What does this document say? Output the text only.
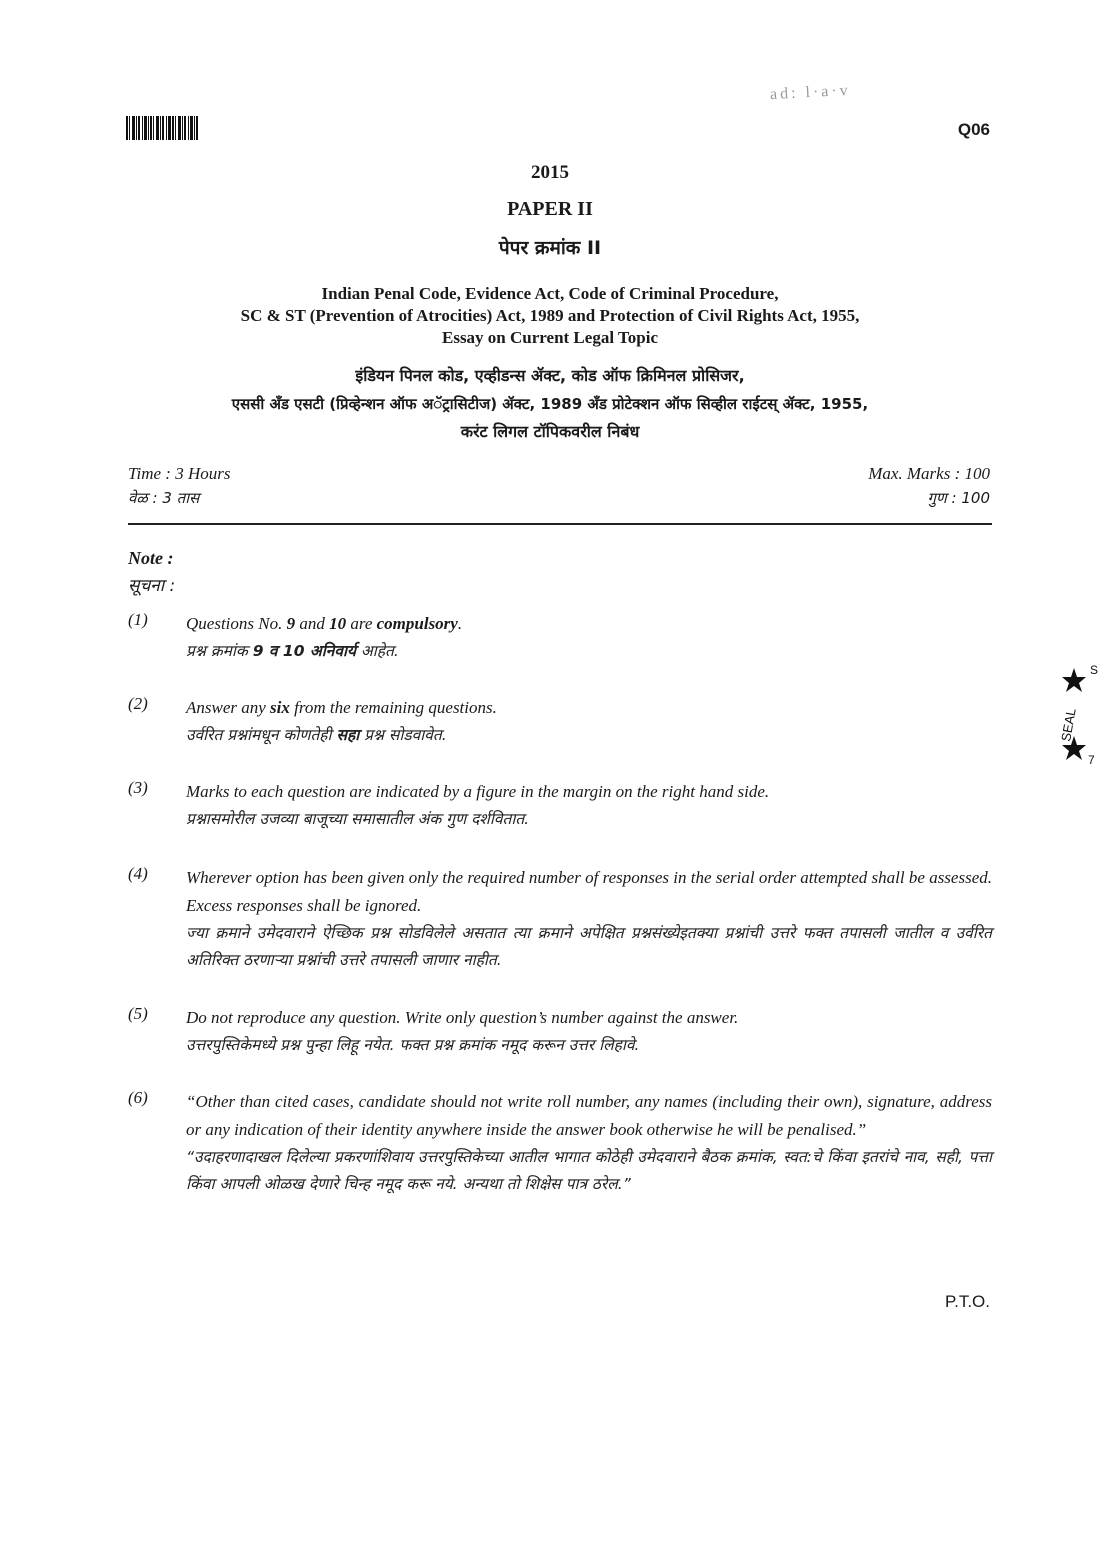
ad: l·a·v
Q06
2015
PAPER II
पेपर क्रमांक II
Indian Penal Code, Evidence Act, Code of Criminal Procedure,
SC & ST (Prevention of Atrocities) Act, 1989 and Protection of Civil Rights Act, 1955,
Essay on Current Legal Topic
इंडियन पिनल कोड, एव्हीडन्स ॲक्ट, कोड ऑफ क्रिमिनल प्रोसिजर,
एससी अँड एसटी (प्रिव्हेन्शन ऑफ अॅट्रासिटीज) ॲक्ट, 1989 अँड प्रोटेक्शन ऑफ सिव्हील राईटस् ॲक्ट, 1955,
करंट लिगल टॉपिकवरील निबंध
Time : 3 Hours
वेळ : 3 तास
Max. Marks : 100
गुण : 100
Note :
सूचना :
(1) Questions No. 9 and 10 are compulsory.
प्रश्न क्रमांक 9 व 10 अनिवार्य आहेत.
(2) Answer any six from the remaining questions.
उर्वरित प्रश्नांमधून कोणतेही सहा प्रश्न सोडवावेत.
(3) Marks to each question are indicated by a figure in the margin on the right hand side.
प्रश्नासमोरील उजव्या बाजूच्या समासातील अंक गुण दर्शवितात.
(4) Wherever option has been given only the required number of responses in the serial order attempted shall be assessed. Excess responses shall be ignored.
ज्या क्रमाने उमेदवाराने ऐच्छिक प्रश्न सोडविलेले असतात त्या क्रमाने अपेक्षित प्रश्नसंख्येइतक्या प्रश्नांची उत्तरे फक्त तपासली जातील व उर्वरित अतिरिक्त ठरणाऱ्या प्रश्नांची उत्तरे तपासली जाणार नाहीत.
(5) Do not reproduce any question. Write only question’s number against the answer.
उत्तरपुस्तिकेमध्ये प्रश्न पुन्हा लिहू नयेत. फक्त प्रश्न क्रमांक नमूद करून उत्तर लिहावे.
(6) “Other than cited cases, candidate should not write roll number, any names (including their own), signature, address or any indication of their identity anywhere inside the answer book otherwise he will be penalised.”
“उदाहरणादाखल दिलेल्या प्रकरणांशिवाय उत्तरपुस्तिकेच्या आतील भागात कोठेही उमेदवाराने बैठक क्रमांक, स्वत:चे किंवा इतरांचे नाव, सही, पत्ता किंवा आपली ओळख देणारे चिन्ह नमूद करू नये. अन्यथा तो शिक्षेस पात्र ठरेल.”
P.T.O.
S
7
SEAL
